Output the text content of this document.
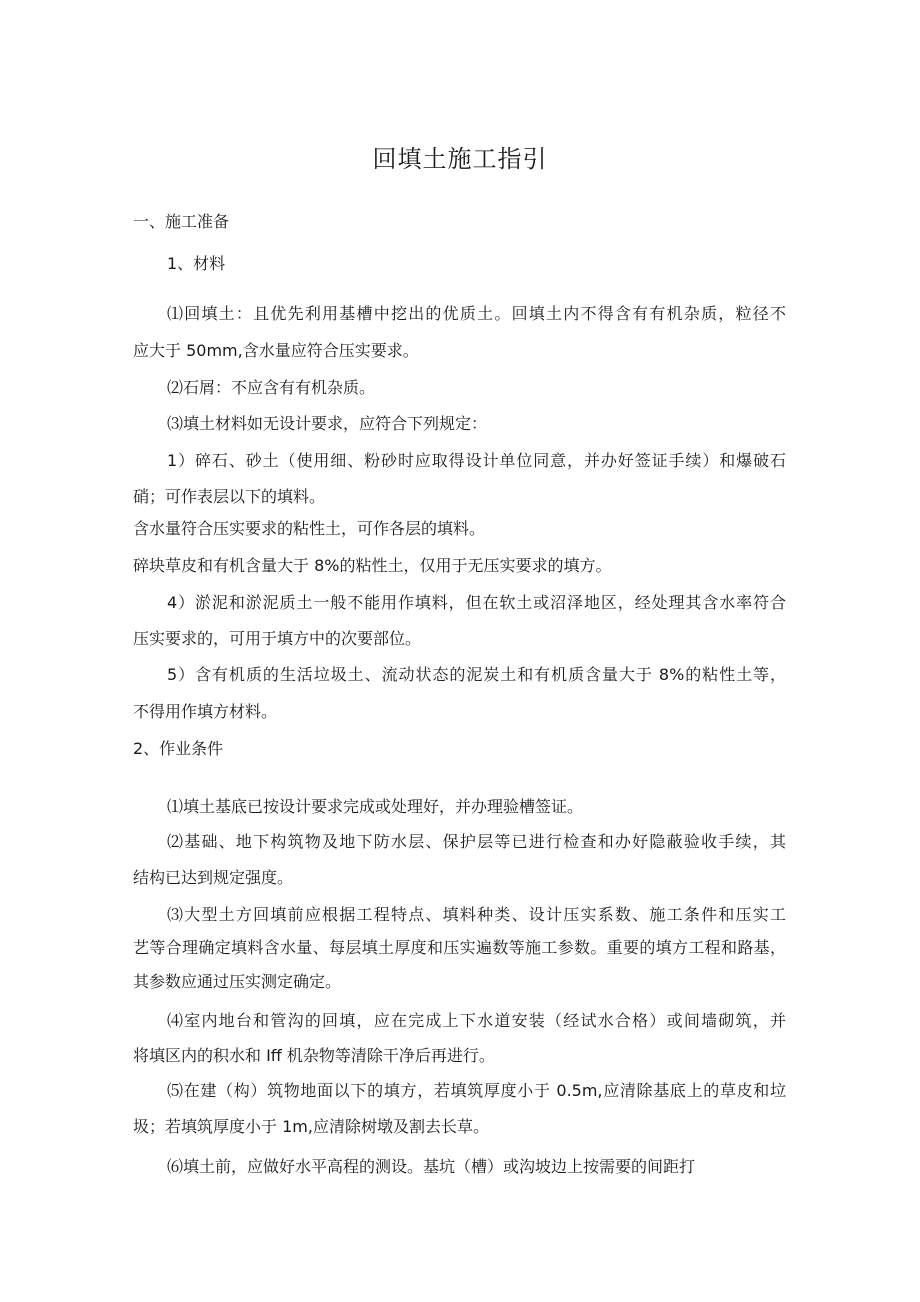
回填土施工指引
一、施工准备
1、材料
⑴回填土：且优先利用基槽中挖出的优质土。回填土内不得含有有机杂质，粒径不
应大于 50mm,含水量应符合压实要求。
⑵石屑：不应含有有机杂质。
⑶填土材料如无设计要求，应符合下列规定：
1）碎石、砂土（使用细、粉砂时应取得设计单位同意，并办好签证手续）和爆破石
硝；可作表层以下的填料。
含水量符合压实要求的粘性土，可作各层的填料。
碎块草皮和有机含量大于 8%的粘性土，仅用于无压实要求的填方。
4）淤泥和淤泥质土一般不能用作填料，但在软土或沼泽地区，经处理其含水率符合
压实要求的，可用于填方中的次要部位。
5）含有机质的生活垃圾土、流动状态的泥炭土和有机质含量大于 8%的粘性土等，
不得用作填方材料。
2、作业条件
⑴填土基底已按设计要求完成或处理好，并办理验槽签证。
⑵基础、地下构筑物及地下防水层、保护层等已进行检查和办好隐蔽验收手续，其
结构已达到规定强度。
⑶大型土方回填前应根据工程特点、填料种类、设计压实系数、施工条件和压实工
艺等合理确定填料含水量、每层填土厚度和压实遍数等施工参数。重要的填方工程和路基，
其参数应通过压实测定确定。
⑷室内地台和管沟的回填，应在完成上下水道安装（经试水合格）或间墙砌筑，并
将填区内的积水和 Iff 机杂物等清除干净后再进行。
⑸在建（构）筑物地面以下的填方，若填筑厚度小于 0.5m,应清除基底上的草皮和垃
圾；若填筑厚度小于 1m,应清除树墩及割去长草。
⑹填土前，应做好水平高程的测设。基坑（槽）或沟坡边上按需要的间距打
